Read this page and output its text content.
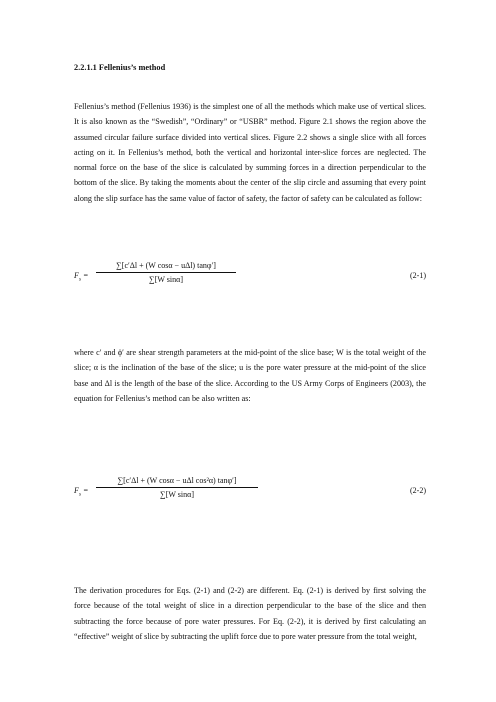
2.2.1.1 Fellenius’s method
Fellenius’s method (Fellenius 1936) is the simplest one of all the methods which make use of vertical slices. It is also known as the “Swedish”, “Ordinary” or “USBR” method. Figure 2.1 shows the region above the assumed circular failure surface divided into vertical slices. Figure 2.2 shows a single slice with all forces acting on it. In Fellenius’s method, both the vertical and horizontal inter-slice forces are neglected. The normal force on the base of the slice is calculated by summing forces in a direction perpendicular to the bottom of the slice. By taking the moments about the center of the slip circle and assuming that every point along the slip surface has the same value of factor of safety, the factor of safety can be calculated as follow:
$F_s$ =
∑[c′Δl + (W cosα − uΔl) tanφ′]
∑[W sinα]	(2-1)
where c′ and ϕ′ are shear strength parameters at the mid-point of the slice base; W is the total weight of the slice; α is the inclination of the base of the slice; u is the pore water pressure at the mid-point of the slice base and Δl is the length of the base of the slice. According to the US Army Corps of Engineers (2003), the equation for Fellenius’s method can be also written as:
$F_s$ =
∑[c′Δl + (W cosα − uΔl cos²α) tanφ′]
∑[W sinα]	(2-2)
The derivation procedures for Eqs. (2-1) and (2-2) are different. Eq. (2-1) is derived by first solving the force because of the total weight of slice in a direction perpendicular to the base of the slice and then subtracting the force because of pore water pressures. For Eq. (2-2), it is derived by first calculating an “effective” weight of slice by subtracting the uplift force due to pore water pressure from the total weight,
